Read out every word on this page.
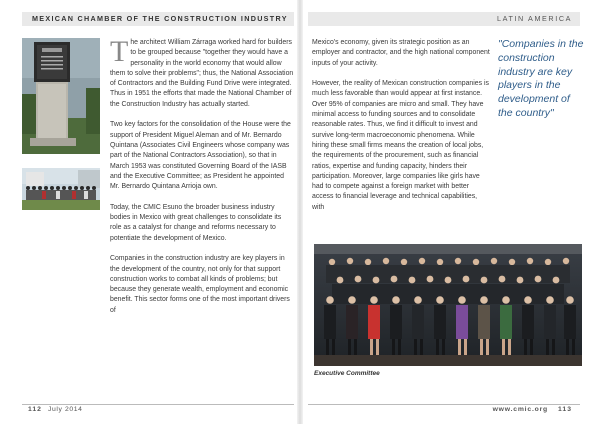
MEXICAN CHAMBER OF THE CONSTRUCTION INDUSTRY	LATIN AMERICA

The architect William Zárraga worked hard for builders to be grouped because "together they would have a personality in the world economy that would allow them to solve their problems"; thus, the National Association of Contractors and the Building Fund Drive were integrated. Thus in 1951 the efforts that made the National Chamber of the Construction Industry has actually started.

Two key factors for the consolidation of the House were the support of President Miguel Aleman and of Mr. Bernardo Quintana (Associates Civil Engineers whose company was part of the National Contractors Association), so that in March 1953 was constituted Governing Board of the IASB and the Executive Committee; as President he appointed Mr. Bernardo Quintana Arrioja own.

Today, the CMIC Esuno the broader business industry bodies in Mexico with great challenges to consolidate its role as a catalyst for change and reforms necessary to potentiate the development of Mexico.

Companies in the construction industry are key players in the development of the country, not only for that support construction works to combat all kinds of problems; but because they generate wealth, employment and economic benefit. This sector forms one of the most important drivers of

Mexico's economy, given its strategic position as an employer and contractor, and the high national component inputs of your activity.

However, the reality of Mexican construction companies is much less favorable than would appear at first instance. Over 95% of companies are micro and small. They have minimal access to funding sources and to consolidate reasonable rates. Thus, we find it difficult to invest and survive long-term macroeconomic phenomena. While hiring these small firms means the creation of local jobs, the requirements of the procurement, such as financial ratios, expertise and funding capacity, hinders their participation. Moreover, large companies like girls have had to compete against a foreign market with better access to financial leverage and technical capabilities, with

"Companies in the construction industry are key players in the development of the country"
Executive Committee
112 July 2014	www.cmic.org 113
